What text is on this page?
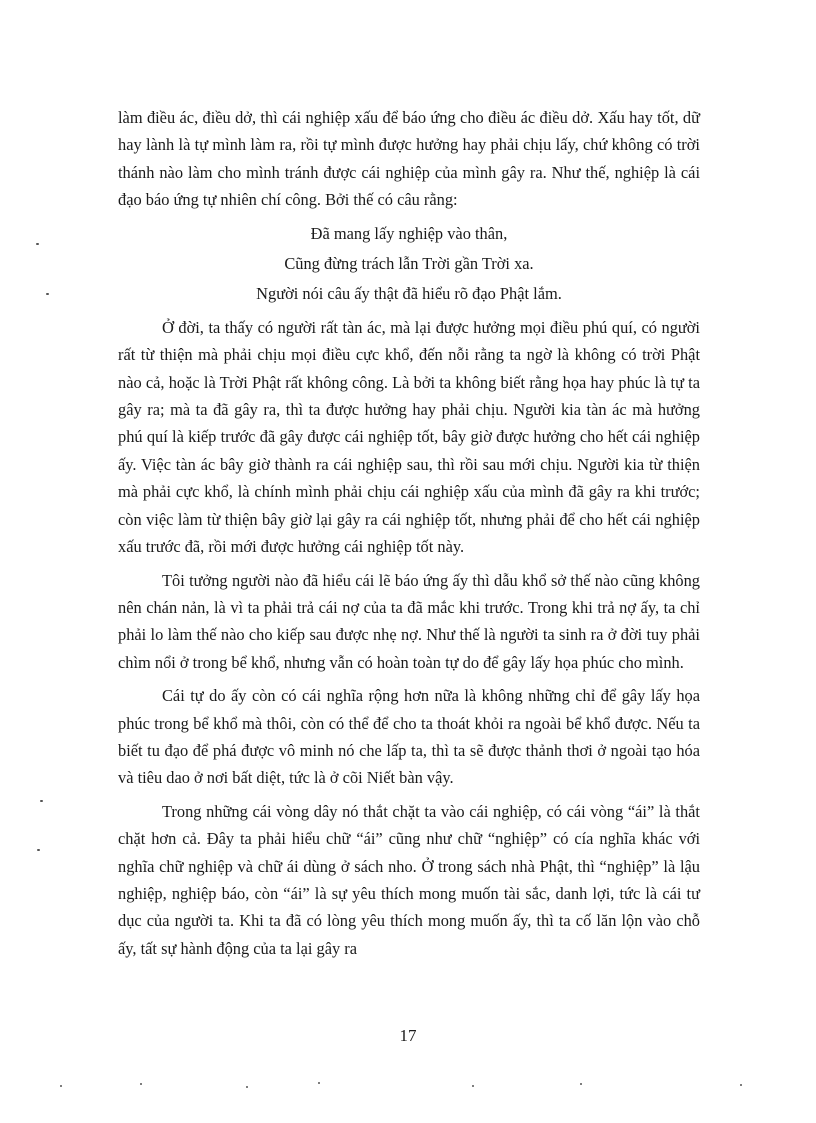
làm điều ác, điều dở, thì cái nghiệp xấu để báo ứng cho điều ác điều dở. Xấu hay tốt, dữ hay lành là tự mình làm ra, rồi tự mình được hưởng hay phải chịu lấy, chứ không có trời thánh nào làm cho mình tránh được cái nghiệp của mình gây ra. Như thế, nghiệp là cái đạo báo ứng tự nhiên chí công. Bởi thế có câu rằng:

Đã mang lấy nghiệp vào thân,

Cũng đừng trách lẫn Trời gần Trời xa.

Người nói câu ấy thật đã hiểu rõ đạo Phật lắm.

Ở đời, ta thấy có người rất tàn ác, mà lại được hưởng mọi điều phú quí, có người rất từ thiện mà phải chịu mọi điều cực khổ, đến nỗi rằng ta ngờ là không có trời Phật nào cả, hoặc là Trời Phật rất không công. Là bởi ta không biết rằng họa hay phúc là tự ta gây ra; mà ta đã gây ra, thì ta được hưởng hay phải chịu. Người kia tàn ác mà hưởng phú quí là kiếp trước đã gây được cái nghiệp tốt, bây giờ được hưởng cho hết cái nghiệp ấy. Việc tàn ác bây giờ thành ra cái nghiệp sau, thì rồi sau mới chịu. Người kia từ thiện mà phải cực khổ, là chính mình phải chịu cái nghiệp xấu của mình đã gây ra khi trước; còn việc làm từ thiện bây giờ lại gây ra cái nghiệp tốt, nhưng phải để cho hết cái nghiệp xấu trước đã, rồi mới được hưởng cái nghiệp tốt này.

Tôi tưởng người nào đã hiểu cái lẽ báo ứng ấy thì dẫu khổ sở thế nào cũng không nên chán nản, là vì ta phải trả cái nợ của ta đã mắc khi trước. Trong khi trả nợ ấy, ta chỉ phải lo làm thế nào cho kiếp sau được nhẹ nợ. Như thế là người ta sinh ra ở đời tuy phải chìm nổi ở trong bể khổ, nhưng vẫn có hoàn toàn tự do để gây lấy họa phúc cho mình.

Cái tự do ấy còn có cái nghĩa rộng hơn nữa là không những chỉ để gây lấy họa phúc trong bể khổ mà thôi, còn có thể để cho ta thoát khỏi ra ngoài bể khổ được. Nếu ta biết tu đạo để phá được vô minh nó che lấp ta, thì ta sẽ được thảnh thơi ở ngoài tạo hóa và tiêu dao ở nơi bất diệt, tức là ở cõi Niết bàn vậy.

Trong những cái vòng dây nó thắt chặt ta vào cái nghiệp, có cái vòng “ái” là thắt chặt hơn cả. Đây ta phải hiểu chữ “ái” cũng như chữ “nghiệp” có cía nghĩa khác với nghĩa chữ nghiệp và chữ ái dùng ở sách nho. Ở trong sách nhà Phật, thì “nghiệp” là lậu nghiệp, nghiệp báo, còn “ái” là sự yêu thích mong muốn tài sắc, danh lợi, tức là cái tư dục của người ta. Khi ta đã có lòng yêu thích mong muốn ấy, thì ta cố lăn lộn vào chỗ ấy, tất sự hành động của ta lại gây ra

17
